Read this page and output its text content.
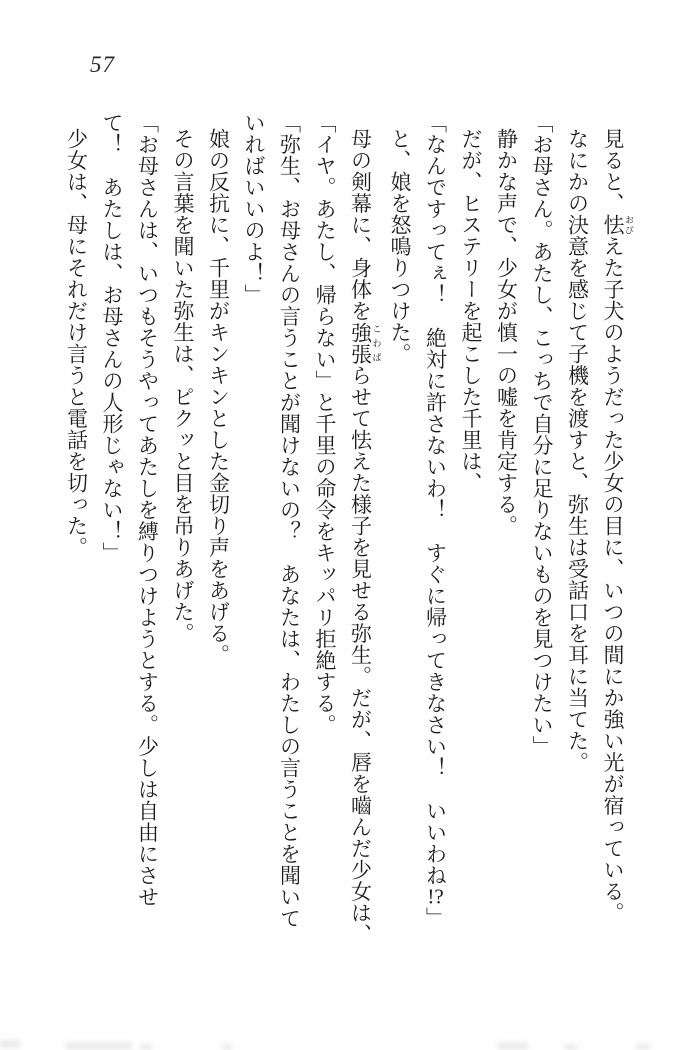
57
見ると、怯 おびえた子犬のようだった少女の目に、いつの間にか強い光が宿っている。
なにかの決意を感じて子機を渡すと、弥生は受話口を耳に当てた。
「お母さん。あたし、こっちで自分に足りないものを見つけたい」
静かな声で、少女が慎一の嘘を肯定する。
だが、ヒステリーを起こした千里は、
「なんですってぇ！　絶対に許さないわ！　すぐに帰ってきなさい！　いいわね!?」
と、娘を怒鳴りつけた。
母の剣幕に、身体を強張 こわばらせて怯えた様子を見せる弥生。だが、唇を嚙んだ少女は、
「イヤ。あたし、帰らない」と千里の命令をキッパリ拒絶する。
「弥生、お母さんの言うことが聞けないの？　あなたは、わたしの言うことを聞いて
いればいいのよ！」
娘の反抗に、千里がキンキンとした金切り声をあげる。
その言葉を聞いた弥生は、ピクッと目を吊りあげた。
「お母さんは、いつもそうやってあたしを縛りつけようとする。少しは自由にさせ
て！　あたしは、お母さんの人形じゃない！」
少女は、母にそれだけ言うと電話を切った。
